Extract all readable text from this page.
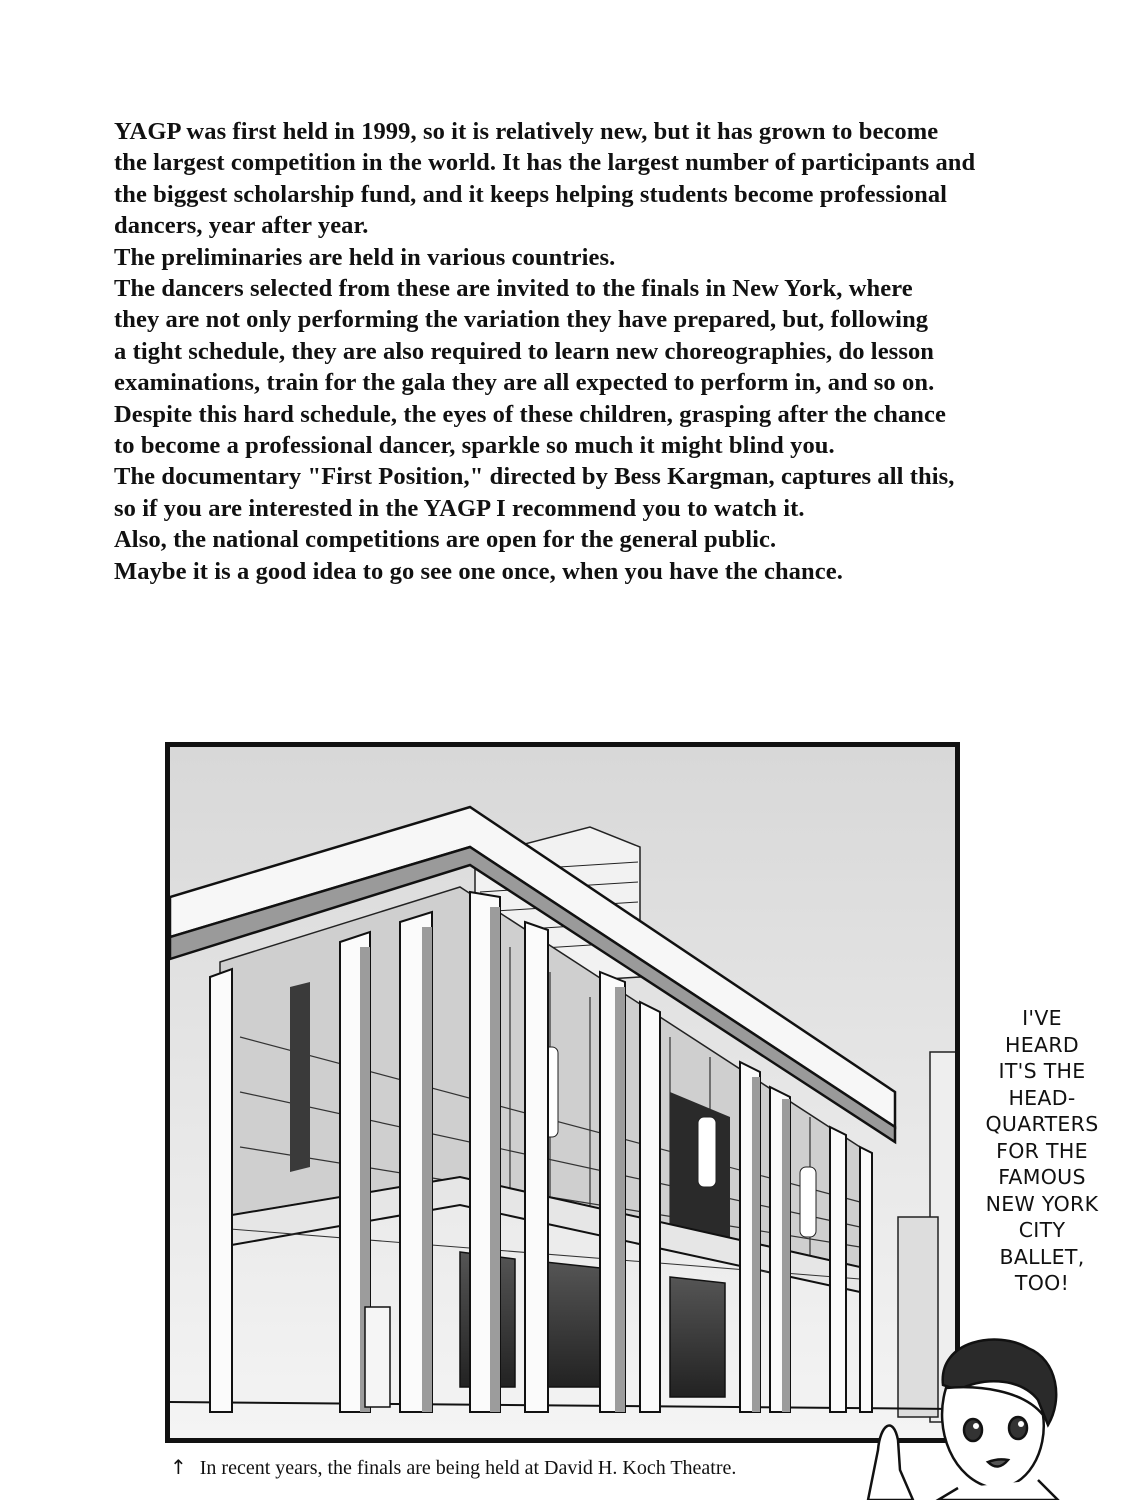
YAGP was first held in 1999, so it is relatively new, but it has grown to become

the largest competition in the world. It has the largest number of participants and

the biggest scholarship fund, and it keeps helping students become professional

dancers, year after year.

The preliminaries are held in various countries.

The dancers selected from these are invited to the finals in New York, where

they are not only performing the variation they have prepared, but, following

a tight schedule, they are also required to learn new choreographies, do lesson

examinations, train for the gala they are all expected to perform in, and so on.

Despite this hard schedule, the eyes of these children, grasping after the chance

to become a professional dancer, sparkle so much it might blind you.

The documentary "First Position," directed by Bess Kargman, captures all this,

so if you are interested in the YAGP I recommend you to watch it.

Also, the national competitions are open for the general public.

Maybe it is a good idea to go see one once, when you have the chance.

↑ In recent years, the finals are being held at David H. Koch Theatre.
I'VE
HEARD
IT'S THE
HEAD-
QUARTERS
FOR THE
FAMOUS
NEW YORK
CITY
BALLET,
TOO!
